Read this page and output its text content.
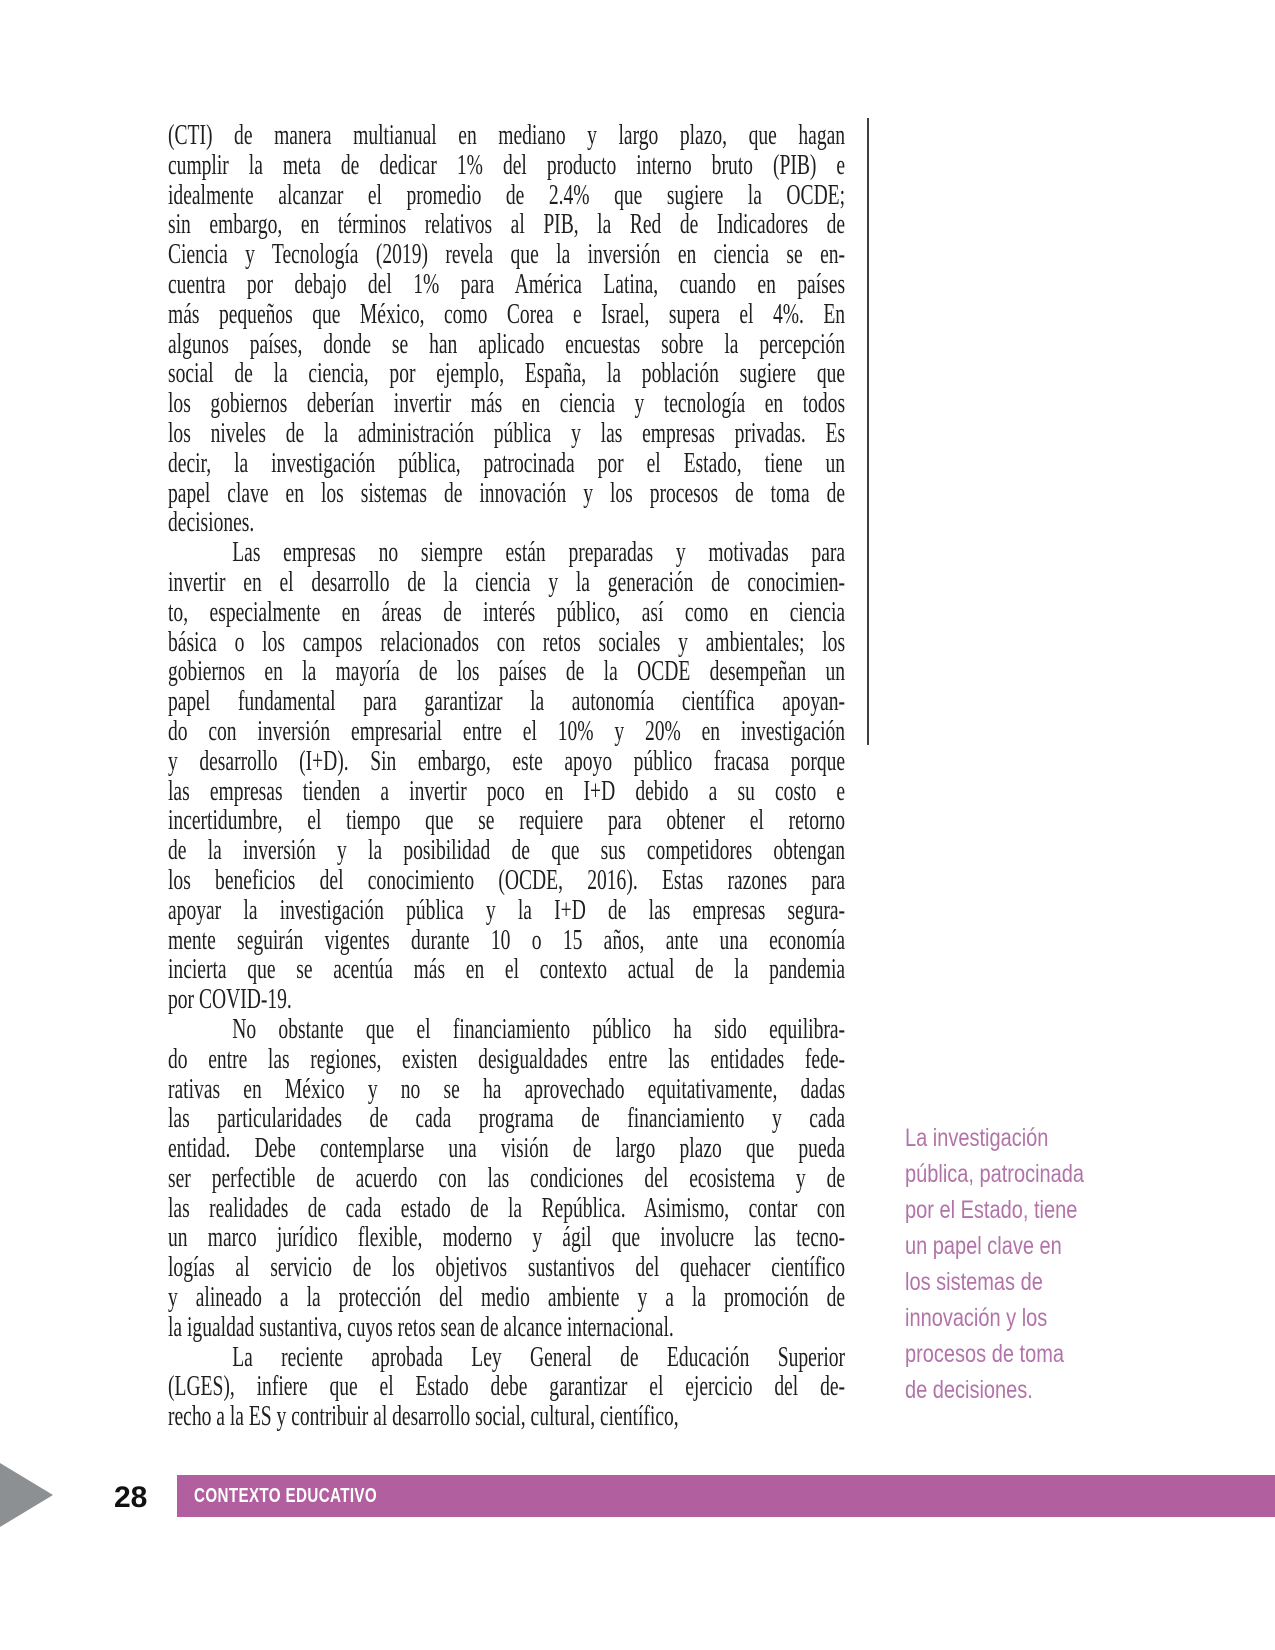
(CTI) de manera multianual en mediano y largo plazo, que hagan
cumplir la meta de dedicar 1% del producto interno bruto (PIB) e
idealmente alcanzar el promedio de 2.4% que sugiere la OCDE;
sin embargo, en términos relativos al PIB, la Red de Indicadores de
Ciencia y Tecnología (2019) revela que la inversión en ciencia se en-
cuentra por debajo del 1% para América Latina, cuando en países
más pequeños que México, como Corea e Israel, supera el 4%. En
algunos países, donde se han aplicado encuestas sobre la percepción
social de la ciencia, por ejemplo, España, la población sugiere que
los gobiernos deberían invertir más en ciencia y tecnología en todos
los niveles de la administración pública y las empresas privadas. Es
decir, la investigación pública, patrocinada por el Estado, tiene un
papel clave en los sistemas de innovación y los procesos de toma de
decisiones.
Las empresas no siempre están preparadas y motivadas para
invertir en el desarrollo de la ciencia y la generación de conocimien-
to, especialmente en áreas de interés público, así como en ciencia
básica o los campos relacionados con retos sociales y ambientales; los
gobiernos en la mayoría de los países de la OCDE desempeñan un
papel fundamental para garantizar la autonomía científica apoyan-
do con inversión empresarial entre el 10% y 20% en investigación
y desarrollo (I+D). Sin embargo, este apoyo público fracasa porque
las empresas tienden a invertir poco en I+D debido a su costo e
incertidumbre, el tiempo que se requiere para obtener el retorno
de la inversión y la posibilidad de que sus competidores obtengan
los beneficios del conocimiento (OCDE, 2016). Estas razones para
apoyar la investigación pública y la I+D de las empresas segura-
mente seguirán vigentes durante 10 o 15 años, ante una economía
incierta que se acentúa más en el contexto actual de la pandemia
por COVID-19.
No obstante que el financiamiento público ha sido equilibra-
do entre las regiones, existen desigualdades entre las entidades fede-
rativas en México y no se ha aprovechado equitativamente, dadas
las particularidades de cada programa de financiamiento y cada
entidad. Debe contemplarse una visión de largo plazo que pueda
ser perfectible de acuerdo con las condiciones del ecosistema y de
las realidades de cada estado de la República. Asimismo, contar con
un marco jurídico flexible, moderno y ágil que involucre las tecno-
logías al servicio de los objetivos sustantivos del quehacer científico
y alineado a la protección del medio ambiente y a la promoción de
la igualdad sustantiva, cuyos retos sean de alcance internacional.
La reciente aprobada Ley General de Educación Superior
(LGES), infiere que el Estado debe garantizar el ejercicio del de-
recho a la ES y contribuir al desarrollo social, cultural, científico,
La investigación
pública, patrocinada
por el Estado, tiene
un papel clave en
los sistemas de
innovación y los
procesos de toma
de decisiones.
28 CONTEXTO EDUCATIVO
